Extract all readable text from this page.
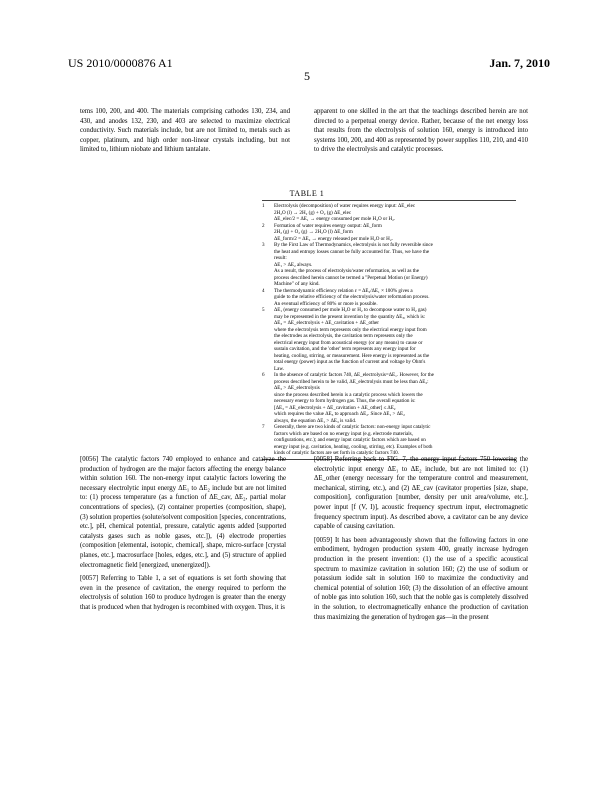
US 2010/0000876 A1	Jan. 7, 2010
5

tems 100, 200, and 400. The materials comprising cathodes 130, 234, and 430, and anodes 132, 230, and 403 are selected to maximize electrical conductivity. Such materials include, but are not limited to, metals such as copper, platinum, and high order non-linear crystals including, but not limited to, lithium niobate and lithium tantalate.

apparent to one skilled in the art that the teachings described herein are not directed to a perpetual energy device. Rather, because of the net energy loss that results from the electrolysis of solution 160, energy is introduced into systems 100, 200, and 400 as represented by power supplies 110, 210, and 410 to drive the electrolysis and catalytic processes.

TABLE 1
1	Electrolysis (decomposition) of water requires energy input: ΔE_elec
2H₂O (l) → 2H₂ (g) + O₂ (g) ΔE_elec
ΔE_elec/2 = ΔE₁ → energy consumed per mole H₂O or H₂.
2	Formation of water requires energy output: ΔE_form
2H₂ (g) + O₂ (g) → 2H₂O (l) ΔE_form
ΔE_form/2 = ΔE₂ → energy released per mole H₂O or H₂.
3	By the First Law of Thermodynamics, electrolysis is not fully reversible since
the heat and entropy losses cannot be fully accounted for. Thus, we have the
result:
ΔE₁ > ΔE₂ always.
As a result, the process of electrolysis/water reformation, as well as the
process described herein cannot be termed a "Perpetual Motion (or Energy)
Machine" of any kind.
4	The thermodynamic efficiency relation ε = ΔE₂/ΔE₁ × 100% gives a
guide to the relative efficiency of the electrolysis/water reformation process.
An eventual efficiency of 80% or more is possible.
5	ΔE₁ (energy consumed per mole H₂O or H₂ to decompose water to H₂ gas)
may be represented in the present invention by the quantity ΔE₃, which is:
ΔE₃ = ΔE_electrolysis + ΔE_cavitation + ΔE_other
where the electrolysis term represents only the electrical energy input from
the electrodes as electrolysis, the cavitation term represents only the
electrical energy input from acoustical energy (or any means) to cause or
sustain cavitation, and the 'other' term represents any energy input for
heating, cooling, stirring, or measurement. Here energy is represented as the
total energy (power) input as the function of current and voltage by Ohm's
Law.
6	In the absence of catalytic factors 740, ΔE_electrolysis=ΔE₁. However, for the
process described herein to be valid, ΔE_electrolysis must be less than ΔE₂:
ΔE₂ > ΔE_electrolysis
since the process described herein is a catalytic process which lowers the
necessary energy to form hydrogen gas. Thus, the overall equation is:
[ΔE₃ = ΔE_electrolysis + ΔE_cavitation + ΔE_other] ≤ ΔE₂
which requires the value ΔE₃ to approach ΔE₂. Since ΔE₁ > ΔE₂
always, the equation ΔE₁ > ΔE₃ is valid.
7	Generally, there are two kinds of catalytic factors: non-energy input catalytic
factors which are based on no energy input (e.g. electrode materials,
configurations, etc.); and energy input catalytic factors which are based on
energy input (e.g. cavitation, heating, cooling, stirring, etc). Examples of both
kinds of catalytic factors are set forth in catalytic factors 740.

[0056] The catalytic factors 740 employed to enhance and catalyze the production of hydrogen are the major factors affecting the energy balance within solution 160. The non-energy input catalytic factors lowering the necessary electrolytic input energy ΔE₁ to ΔE₂ include but are not limited to: (1) process temperature (as a function of ΔE_cav, ΔE₂, partial molar concentrations of species), (2) container properties (composition, shape), (3) solution properties (solute/solvent composition [species, concentrations, etc.], pH, chemical potential, pressure, catalytic agents added [supported catalysts gases such as noble gases, etc.]), (4) electrode properties (composition [elemental, isotopic, chemical], shape, micro-surface [crystal planes, etc.], macrosurface [holes, edges, etc.], and (5) structure of applied electromagnetic field [energized, unenergized]).

[0057] Referring to Table 1, a set of equations is set forth showing that even in the presence of cavitation, the energy required to perform the electrolysis of solution 160 to produce hydrogen is greater than the energy that is produced when that hydrogen is recombined with oxygen. Thus, it is

[0058] Referring back to FIG. 7, the energy input factors 750 lowering the electrolytic input energy ΔE₁ to ΔE₂ include, but are not limited to: (1) ΔE_other (energy necessary for the temperature control and measurement, mechanical, stirring, etc.), and (2) ΔE_cav (cavitator properties [size, shape, composition], configuration [number, density per unit area/volume, etc.], power input [f (V, I)], acoustic frequency spectrum input, electromagnetic frequency spectrum input). As described above, a cavitator can be any device capable of causing cavitation.

[0059] It has been advantageously shown that the following factors in one embodiment, hydrogen production system 400, greatly increase hydrogen production in the present invention: (1) the use of a specific acoustical spectrum to maximize cavitation in solution 160; (2) the use of sodium or potassium iodide salt in solution 160 to maximize the conductivity and chemical potential of solution 160; (3) the dissolution of an effective amount of noble gas into solution 160, such that the noble gas is completely dissolved in the solution, to electromagnetically enhance the production of cavitation thus maximizing the generation of hydrogen gas—in the present
